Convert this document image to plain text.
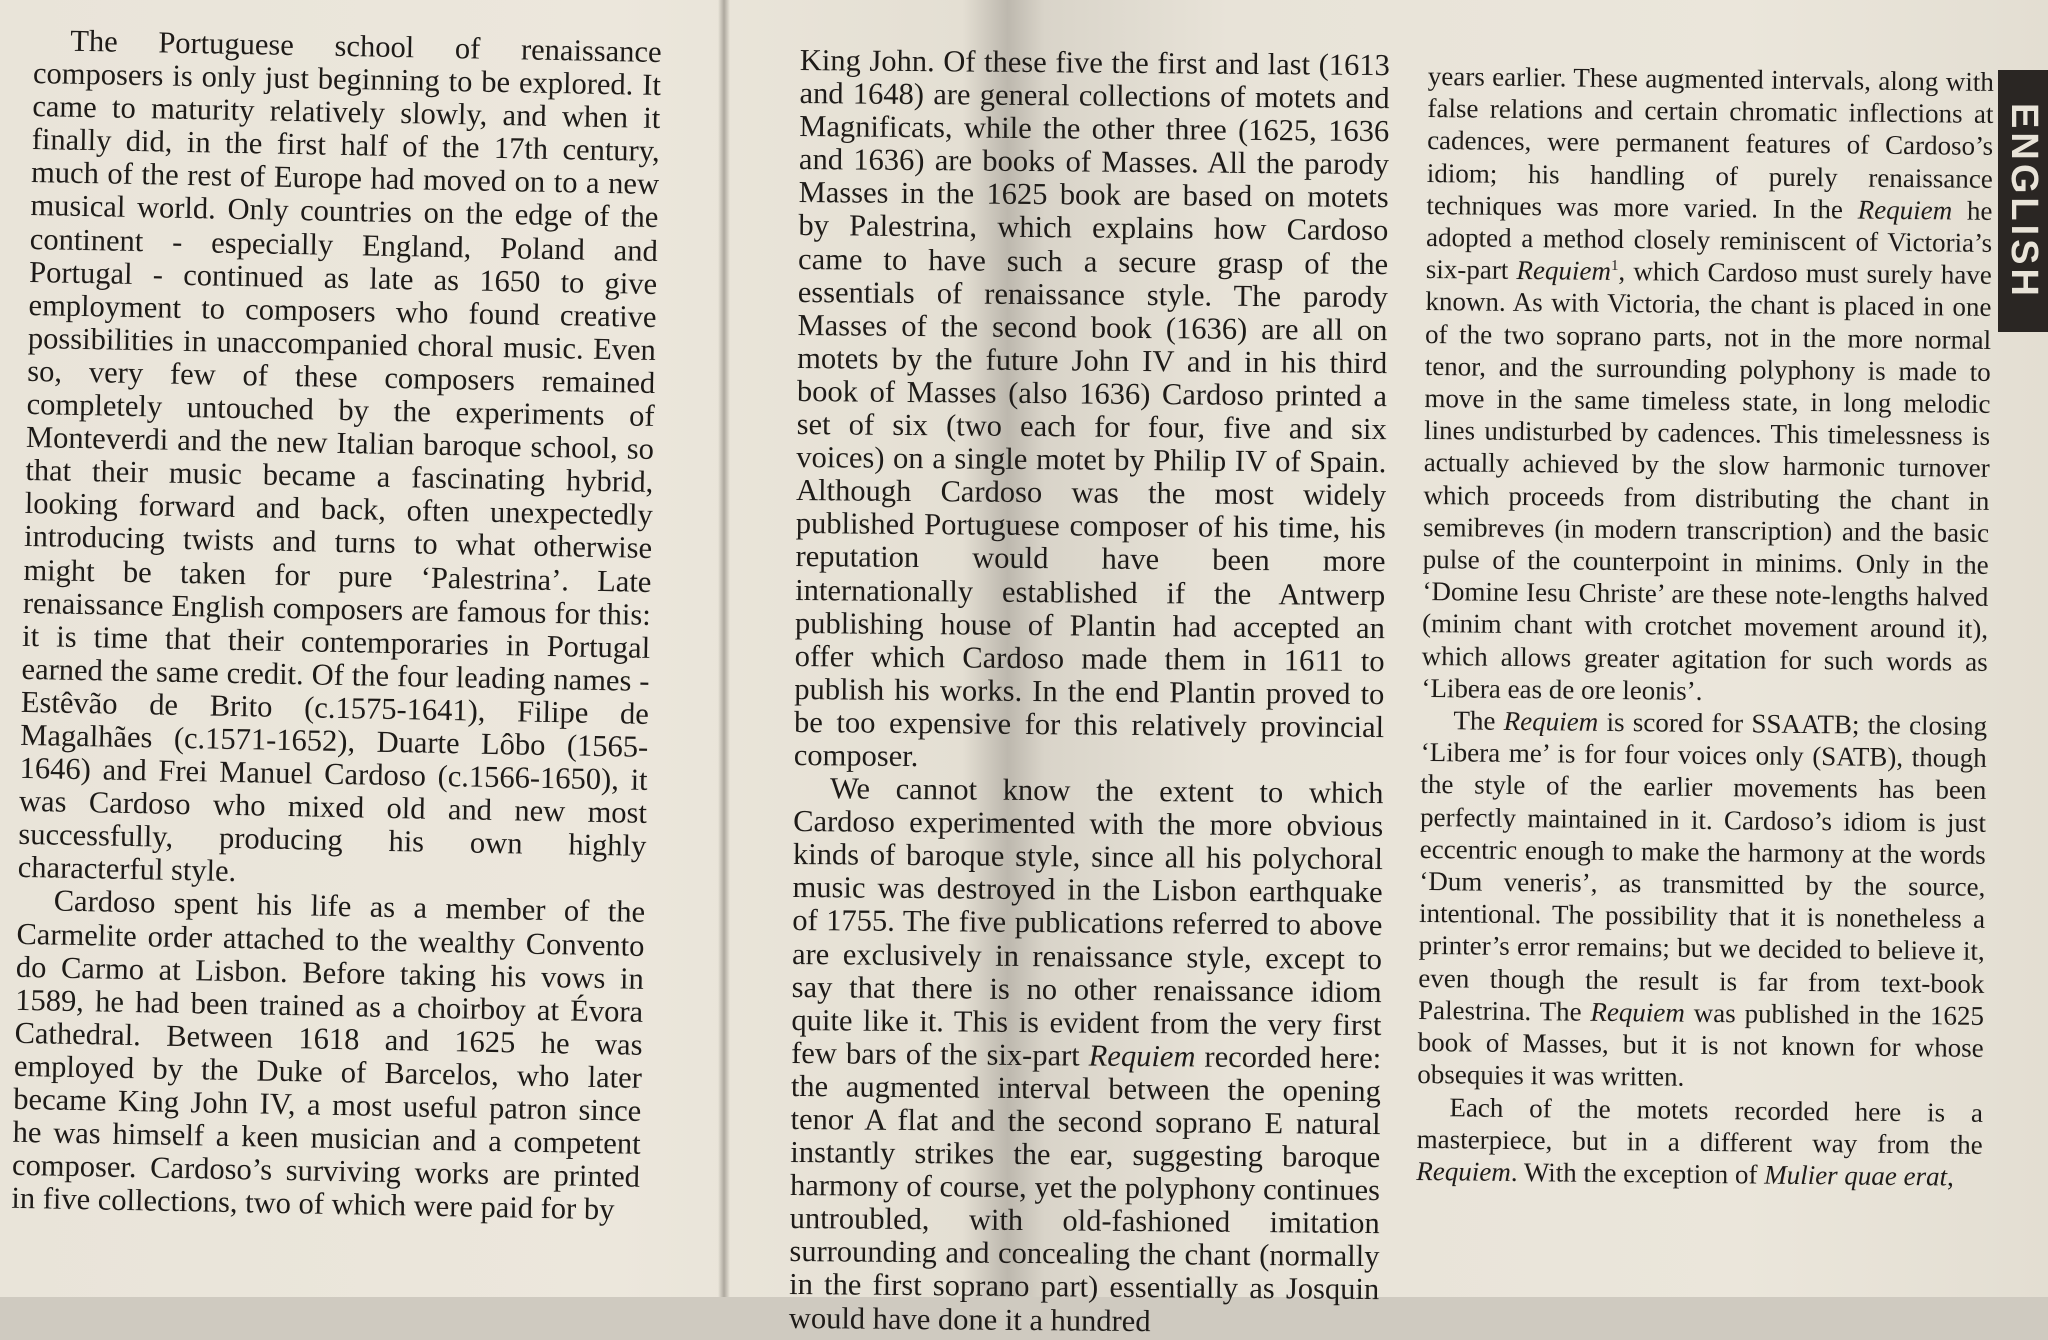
The Portuguese school of renaissance composers is only just beginning to be explored. It came to maturity relatively slowly, and when it finally did, in the first half of the 17th century, much of the rest of Europe had moved on to a new musical world. Only countries on the edge of the continent - especially England, Poland and Portugal - continued as late as 1650 to give employment to composers who found creative possibilities in unaccompanied choral music. Even so, very few of these composers remained completely untouched by the experiments of Monteverdi and the new Italian baroque school, so that their music became a fascinating hybrid, looking forward and back, often unexpectedly introducing twists and turns to what otherwise might be taken for pure ‘Palestrina’. Late renaissance English composers are famous for this: it is time that their contemporaries in Portugal earned the same credit. Of the four leading names - Estêvão de Brito (c.1575-1641), Filipe de Magalhães (c.1571-1652), Duarte Lôbo (1565-1646) and Frei Manuel Cardoso (c.1566-1650), it was Cardoso who mixed old and new most successfully, producing his own highly characterful style.

Cardoso spent his life as a member of the Carmelite order attached to the wealthy Convento do Carmo at Lisbon. Before taking his vows in 1589, he had been trained as a choirboy at Évora Cathedral. Between 1618 and 1625 he was employed by the Duke of Barcelos, who later became King John IV, a most useful patron since he was himself a keen musician and a competent composer. Cardoso’s surviving works are printed in five collections, two of which were paid for by

King John. Of these five the first and last (1613 and 1648) are general collections of motets and Magnificats, while the other three (1625, 1636 and 1636) are books of Masses. All the parody Masses in the 1625 book are based on motets by Palestrina, which explains how Cardoso came to have such a secure grasp of the essentials of renaissance style. The parody Masses of the second book (1636) are all on motets by the future John IV and in his third book of Masses (also 1636) Cardoso printed a set of six (two each for four, five and six voices) on a single motet by Philip IV of Spain. Although Cardoso was the most widely published Portuguese composer of his time, his reputation would have been more internationally established if the Antwerp publishing house of Plantin had accepted an offer which Cardoso made them in 1611 to publish his works. In the end Plantin proved to be too expensive for this relatively provincial composer.

We cannot know the extent to which Cardoso experimented with the more obvious kinds of baroque style, since all his polychoral music was destroyed in the Lisbon earthquake of 1755. The five publications referred to above are exclusively in renaissance style, except to say that there is no other renaissance idiom quite like it. This is evident from the very first few bars of the six-part Requiem recorded here: the augmented interval between the opening tenor A flat and the second soprano E natural instantly strikes the ear, suggesting baroque harmony of course, yet the polyphony continues untroubled, with old-fashioned imitation surrounding and concealing the chant (normally in the first soprano part) essentially as Josquin would have done it a hundred

years earlier. These augmented intervals, along with false relations and certain chromatic inflections at cadences, were permanent features of Cardoso’s idiom; his handling of purely renaissance techniques was more varied. In the Requiem he adopted a method closely reminiscent of Victoria’s six-part Requiem$^1$, which Cardoso must surely have known. As with Victoria, the chant is placed in one of the two soprano parts, not in the more normal tenor, and the surrounding polyphony is made to move in the same timeless state, in long melodic lines undisturbed by cadences. This timelessness is actually achieved by the slow harmonic turnover which proceeds from distributing the chant in semibreves (in modern transcription) and the basic pulse of the counterpoint in minims. Only in the ‘Domine Iesu Christe’ are these note-lengths halved (minim chant with crotchet movement around it), which allows greater agitation for such words as ‘Libera eas de ore leonis’.

The Requiem is scored for SSAATB; the closing ‘Libera me’ is for four voices only (SATB), though the style of the earlier movements has been perfectly maintained in it. Cardoso’s idiom is just eccentric enough to make the harmony at the words ‘Dum veneris’, as transmitted by the source, intentional. The possibility that it is nonetheless a printer’s error remains; but we decided to believe it, even though the result is far from text-book Palestrina. The Requiem was published in the 1625 book of Masses, but it is not known for whose obsequies it was written.

Each of the motets recorded here is a masterpiece, but in a different way from the Requiem. With the exception of Mulier quae erat,

ENGLISH
